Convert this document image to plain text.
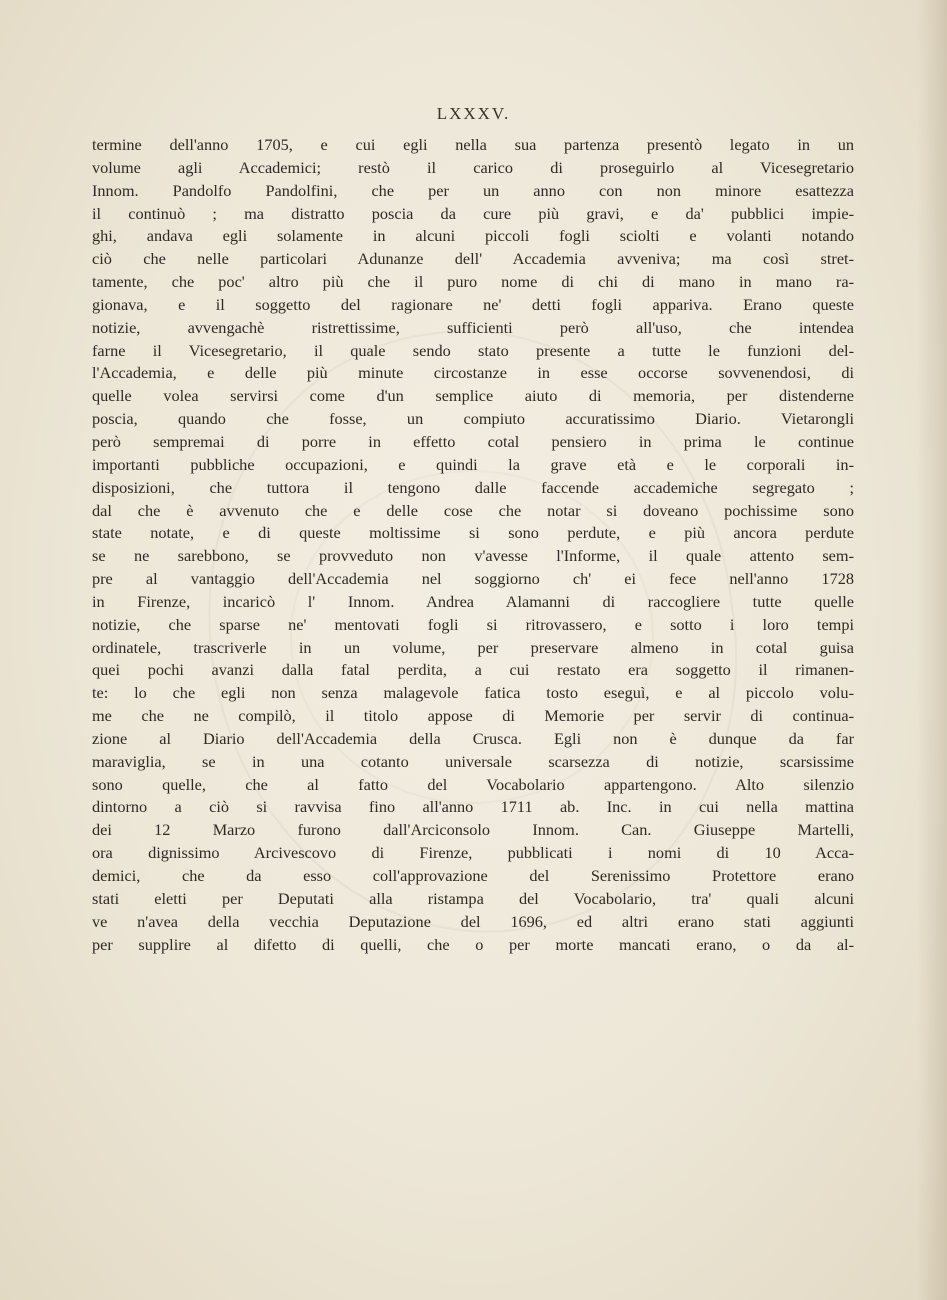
LXXXV.
termine dell'anno 1705, e cui egli nella sua partenza presentò legato in un
volume agli Accademici; restò il carico di proseguirlo al Vicesegretario
Innom. Pandolfo Pandolfini, che per un anno con non minore esattezza
il continuò ; ma distratto poscia da cure più gravi, e da' pubblici impie-
ghi, andava egli solamente in alcuni piccoli fogli sciolti e volanti notando
ciò che nelle particolari Adunanze dell' Accademia avveniva; ma così stret-
tamente, che poc' altro più che il puro nome di chi di mano in mano ra-
gionava, e il soggetto del ragionare ne' detti fogli appariva. Erano queste
notizie, avvengachè ristrettissime, sufficienti però all'uso, che intendea
farne il Vicesegretario, il quale sendo stato presente a tutte le funzioni del-
l'Accademia, e delle più minute circostanze in esse occorse sovvenendosi, di
quelle volea servirsi come d'un semplice aiuto di memoria, per distenderne
poscia, quando che fosse, un compiuto accuratissimo Diario. Vietarongli
però sempremai di porre in effetto cotal pensiero in prima le continue
importanti pubbliche occupazioni, e quindi la grave età e le corporali in-
disposizioni, che tuttora il tengono dalle faccende accademiche segregato ;
dal che è avvenuto che e delle cose che notar si doveano pochissime sono
state notate, e di queste moltissime si sono perdute, e più ancora perdute
se ne sarebbono, se provveduto non v'avesse l'Informe, il quale attento sem-
pre al vantaggio dell'Accademia nel soggiorno ch' ei fece nell'anno 1728
in Firenze, incaricò l' Innom. Andrea Alamanni di raccogliere tutte quelle
notizie, che sparse ne' mentovati fogli si ritrovassero, e sotto i loro tempi
ordinatele, trascriverle in un volume, per preservare almeno in cotal guisa
quei pochi avanzi dalla fatal perdita, a cui restato era soggetto il rimanen-
te: lo che egli non senza malagevole fatica tosto eseguì, e al piccolo volu-
me che ne compilò, il titolo appose di Memorie per servir di continua-
zione al Diario dell'Accademia della Crusca. Egli non è dunque da far
maraviglia, se in una cotanto universale scarsezza di notizie, scarsissime
sono quelle, che al fatto del Vocabolario appartengono. Alto silenzio
dintorno a ciò si ravvisa fino all'anno 1711 ab. Inc. in cui nella mattina
dei 12 Marzo furono dall'Arciconsolo Innom. Can. Giuseppe Martelli,
ora dignissimo Arcivescovo di Firenze, pubblicati i nomi di 10 Acca-
demici, che da esso coll'approvazione del Serenissimo Protettore erano
stati eletti per Deputati alla ristampa del Vocabolario, tra' quali alcuni
ve n'avea della vecchia Deputazione del 1696, ed altri erano stati aggiunti
per supplire al difetto di quelli, che o per morte mancati erano, o da al-
